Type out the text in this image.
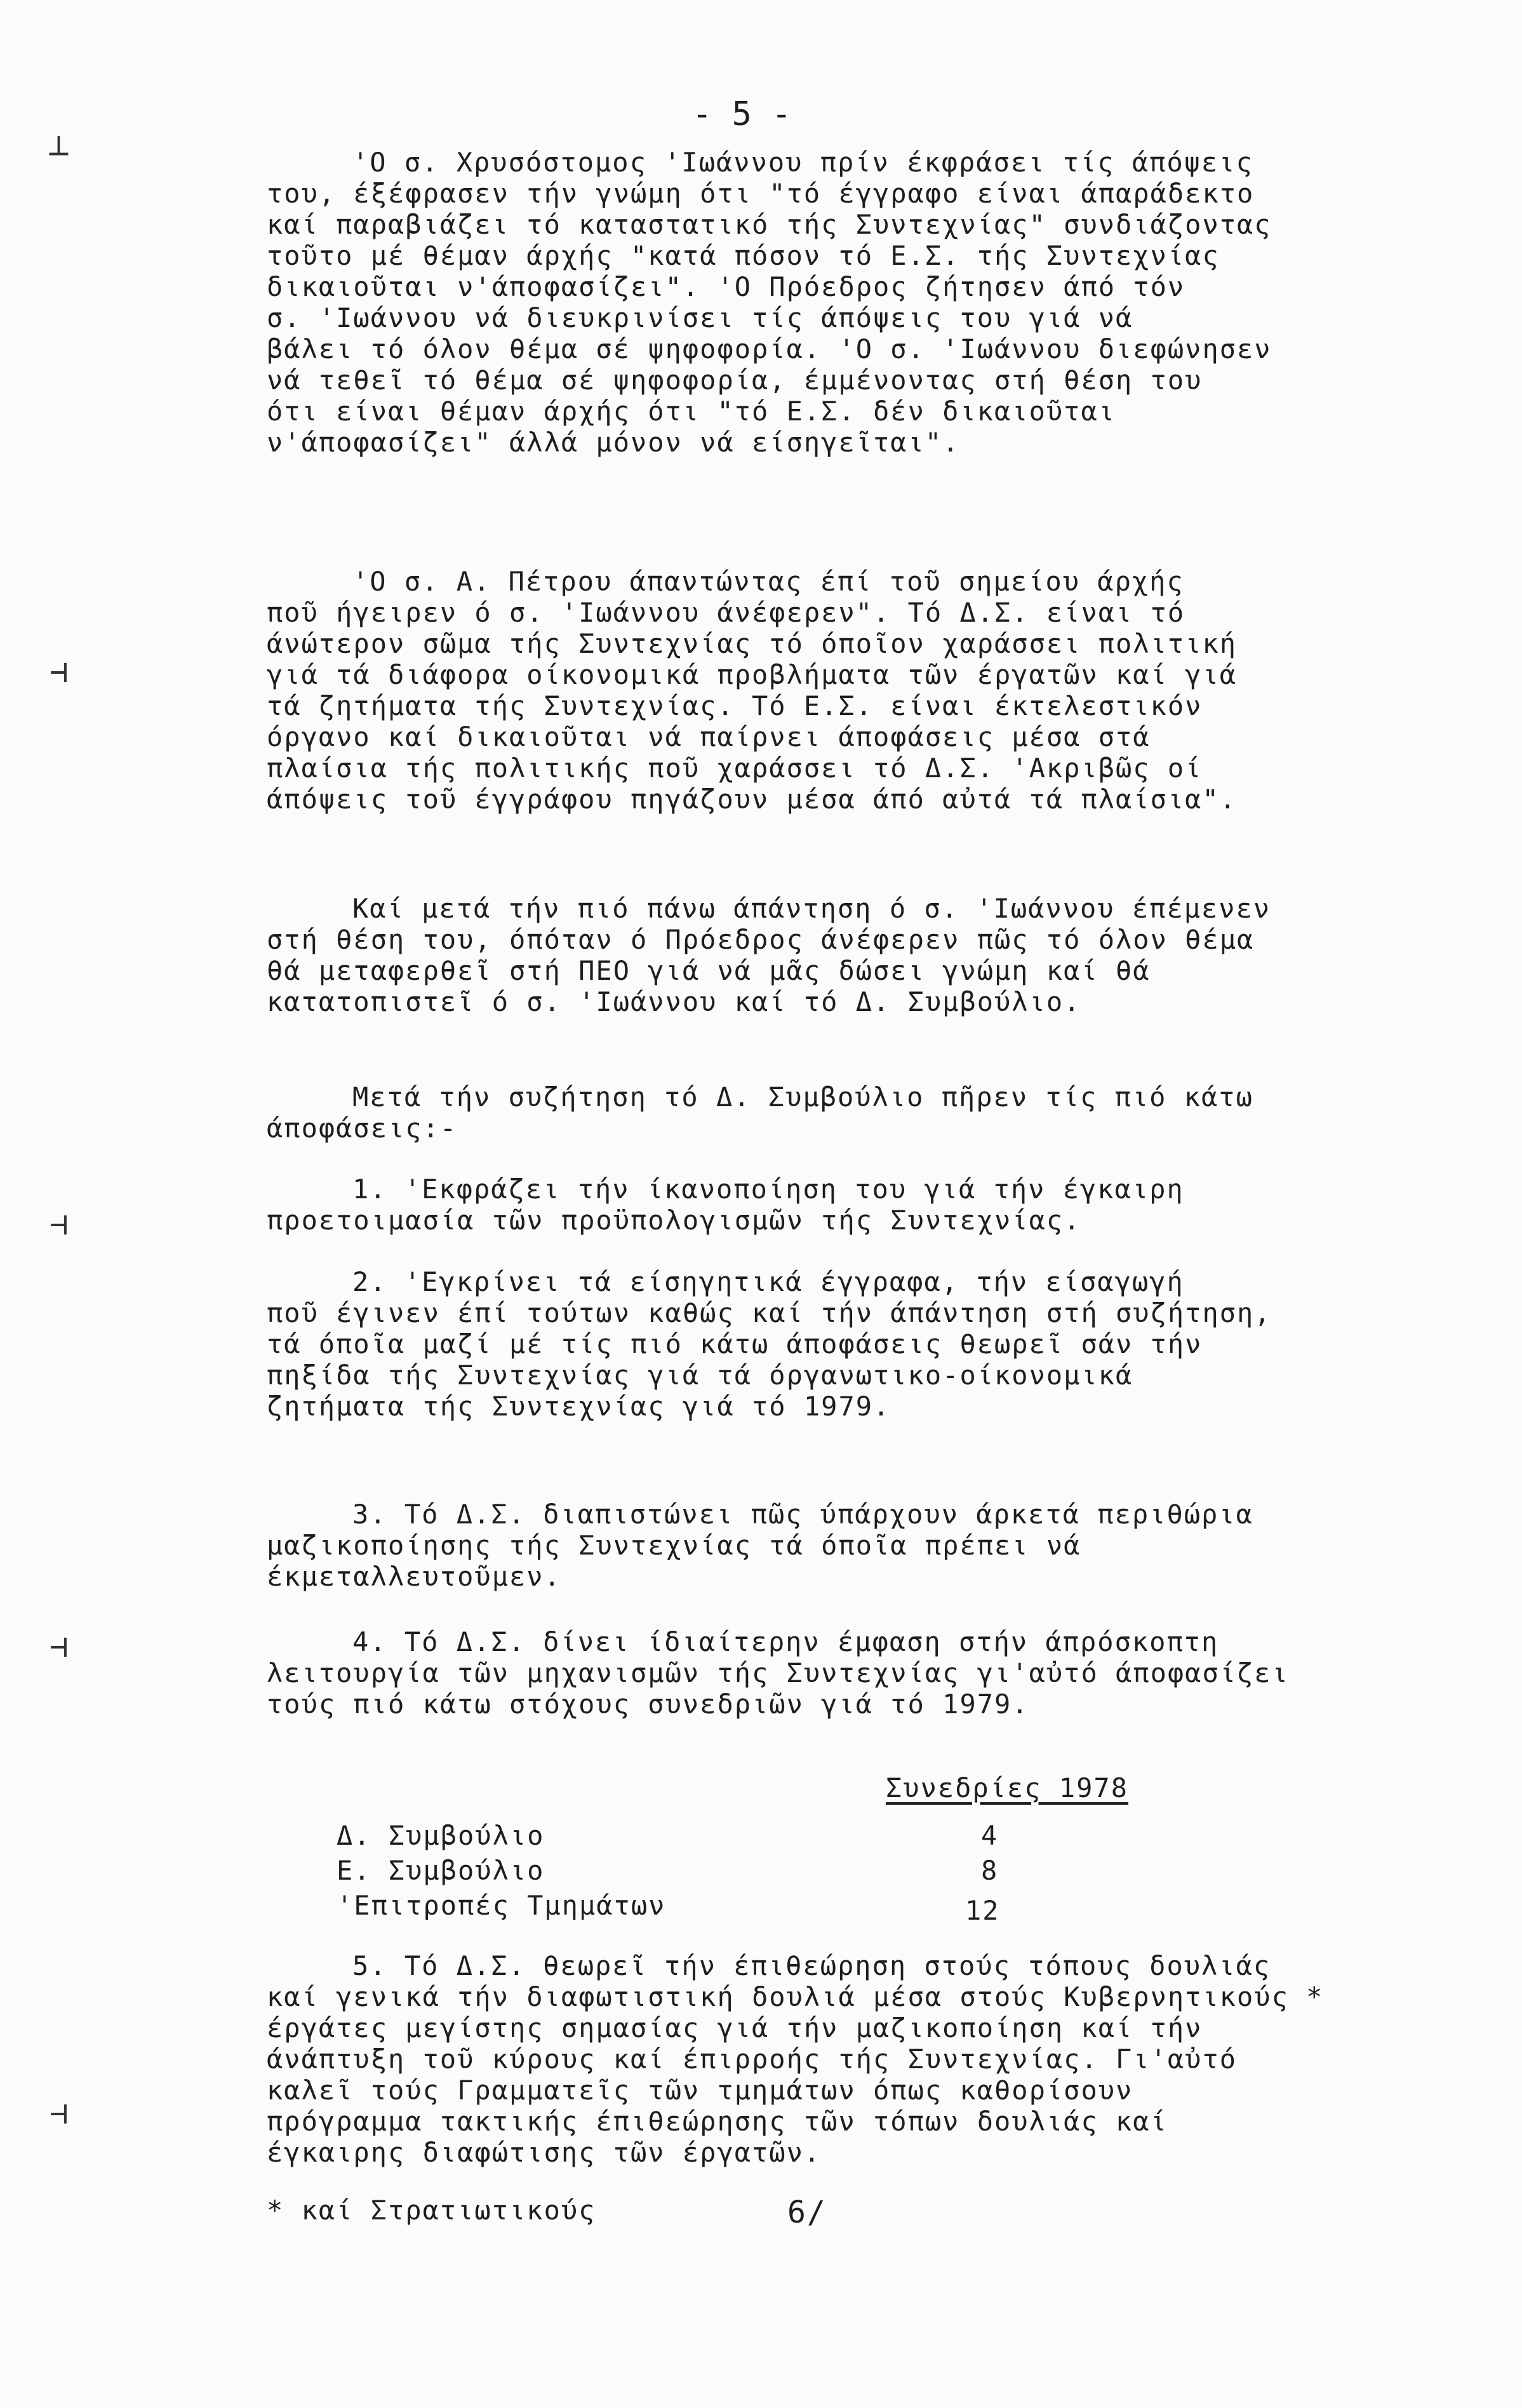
- 5 -
'Ο σ. Χρυσόστομος 'Ιωάννου πρίν έκφράσει τίς άπόψεις
του, έξέφρασεν τήν γνώμη ότι "τό έγγραφο είναι άπαράδεκτο
καί παραβιάζει τό καταστατικό τής Συντεχνίας" συνδιάζοντας
τοῦτο μέ θέμαν άρχής "κατά πόσον τό Ε.Σ. τής Συντεχνίας
δικαιοῦται ν'άποφασίζει". 'Ο Πρόεδρος ζήτησεν άπό τόν
σ. 'Ιωάννου νά διευκρινίσει τίς άπόψεις του γιά νά
βάλει τό όλον θέμα σέ ψηφοφορία. 'Ο σ. 'Ιωάννου διεφώνησεν
νά τεθεῖ τό θέμα σέ ψηφοφορία, έμμένοντας στή θέση του
ότι είναι θέμαν άρχής ότι "τό Ε.Σ. δέν δικαιοῦται
ν'άποφασίζει" άλλά μόνον νά είσηγεῖται".
'Ο σ. Α. Πέτρου άπαντώντας έπί τοῦ σημείου άρχής
ποῦ ήγειρεν ό σ. 'Ιωάννου άνέφερεν". Τό Δ.Σ. είναι τό
άνώτερον σῶμα τής Συντεχνίας τό όποῖον χαράσσει πολιτική
γιά τά διάφορα οίκονομικά προβλήματα τῶν έργατῶν καί γιά
τά ζητήματα τής Συντεχνίας. Τό Ε.Σ. είναι έκτελεστικόν
όργανο καί δικαιοῦται νά παίρνει άποφάσεις μέσα στά
πλαίσια τής πολιτικής ποῦ χαράσσει τό Δ.Σ. 'Ακριβῶς οί
άπόψεις τοῦ έγγράφου πηγάζουν μέσα άπό αὐτά τά πλαίσια".
Καί μετά τήν πιό πάνω άπάντηση ό σ. 'Ιωάννου έπέμενεν
στή θέση του, όπόταν ό Πρόεδρος άνέφερεν πῶς τό όλον θέμα
θά μεταφερθεῖ στή ΠΕΟ γιά νά μᾶς δώσει γνώμη καί θά
κατατοπιστεῖ ό σ. 'Ιωάννου καί τό Δ. Συμβούλιο.
Μετά τήν συζήτηση τό Δ. Συμβούλιο πῆρεν τίς πιό κάτω
άποφάσεις:-
1. 'Εκφράζει τήν ίκανοποίηση του γιά τήν έγκαιρη
προετοιμασία τῶν προϋπολογισμῶν τής Συντεχνίας.
2. 'Εγκρίνει τά είσηγητικά έγγραφα, τήν είσαγωγή
ποῦ έγινεν έπί τούτων καθώς καί τήν άπάντηση στή συζήτηση,
τά όποῖα μαζί μέ τίς πιό κάτω άποφάσεις θεωρεῖ σάν τήν
πηξίδα τής Συντεχνίας γιά τά όργανωτικο-οίκονομικά
ζητήματα τής Συντεχνίας γιά τό 1979.
3. Τό Δ.Σ. διαπιστώνει πῶς ύπάρχουν άρκετά περιθώρια
μαζικοποίησης τής Συντεχνίας τά όποῖα πρέπει νά
έκμεταλλευτοῦμεν.
4. Τό Δ.Σ. δίνει ίδιαίτερην έμφαση στήν άπρόσκοπτη
λειτουργία τῶν μηχανισμῶν τής Συντεχνίας γι'αὐτό άποφασίζει
τούς πιό κάτω στόχους συνεδριῶν γιά τό 1979.
5. Τό Δ.Σ. θεωρεῖ τήν έπιθεώρηση στούς τόπους δουλιάς
καί γενικά τήν διαφωτιστική δουλιά μέσα στούς Κυβερνητικούς *
έργάτες μεγίστης σημασίας γιά τήν μαζικοποίηση καί τήν
άνάπτυξη τοῦ κύρους καί έπιρροής τής Συντεχνίας. Γι'αὐτό
καλεῖ τούς Γραμματεῖς τῶν τμημάτων όπως καθορίσουν
πρόγραμμα τακτικής έπιθεώρησης τῶν τόπων δουλιάς καί
έγκαιρης διαφώτισης τῶν έργατῶν.
Συνεδρίες 1978
Δ. Συμβούλιο	4
Ε. Συμβούλιο	8
'Επιτροπές Τμημάτων	12
* καί Στρατιωτικούς	6/
┴
⊣
⊣
⊣
⊣
